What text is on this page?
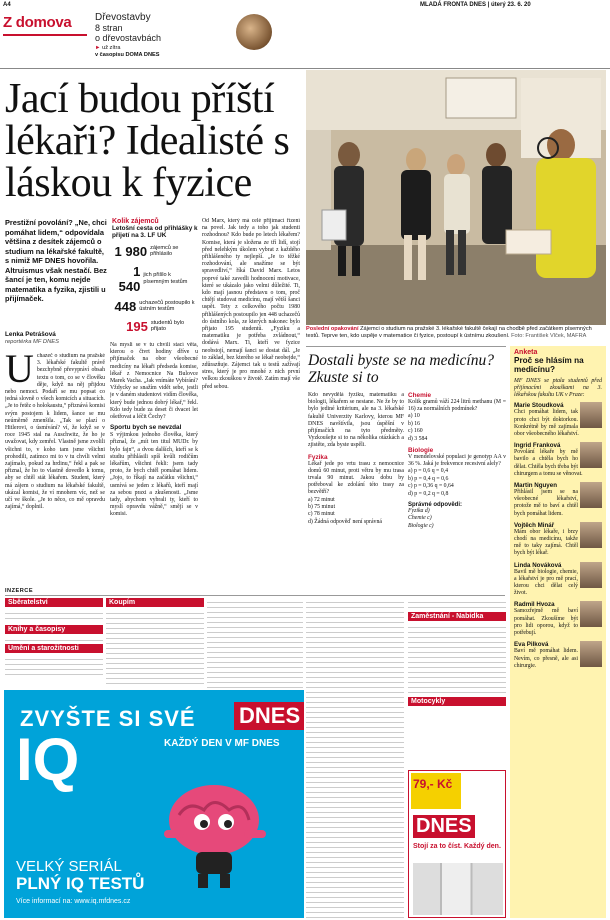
A4
Z domova Dřevostavby
8 stran
o dřevostavbách
► už zítra
v časopisu DOMA DNES
MLADÁ FRONTA DNES | úterý 23. 6. 20
Jací budou příští lékaři? Idealisté s láskou k fyzice
Prestižní povolání? „Ne, chci pomáhat lidem,“ odpovídala většina z desítek zájemců o studium na lékařské fakultě, s nimiž MF DNES hovořila. Altruismus však nestačí. Bez šancí je ten, komu nejde matematika a fyzika, zjistili u přijímaček.
Kolik zájemců
Letošní cesta od přihlášky k přijetí na 3. LF UK
1 980 zájemců se přihlásilo
1 540
jich přišlo k písemným testům
448 uchazečů postoupilo k ústním testům
195 studentů bylo přijato
Lenka Petrášová
reportérka MF DNES
U chazeč o studium na pražské 3. lékařské fakultě právě bezchybně převypráví obsah textu o tom, co se v člověku děje, když na něj přijdou nebo nemoci. Podaří se mu popsat co jedná slovně o všech komicích a situacích. „Je to řetěz o holokaustu,“ přiznává komisi svým postojem k lidem, šance se mu neúměrně zmenšila. „Tak se plazí o Hitlerovi, o úsmívání? ví, že když se v roce 1945 stal na Auschwitz, že ho je uvažovat, kdy zemřel. Vlastně jsme zvolili všichni to, v koho tam jsme všichni prohodili, zatímco mi to v tu chvíli velmi zajímalo, pokud za hrdinu,“ řekl a pak se přiznal, že ho to vlastně dovedlo k tomu, aby se chtěl stát lékařem. Student, který má zájem o studium na lékařské fakultě, ukázal komisi, že ví mnohem víc, než se učí ve škole. „Je to něco, co mě opravdu zajímá,“ doplnil.
Na mysli se v tu chvíli stací věta, kterou o čtvrt hodiny dříve u přijímaček na obor všeobecné medicíny na lékaři předseda komise, lékař z Nemocnice Na Bulovce Marek Vacha. „Jak vnímáte Vybírání? Vždycky se snažím vidět sebe, jestli je v daném studentovi vidím člověka, který bude jednou dobrý lékař,“ řekl. Kdo tedy bude za deset či dvacet let ošetřovat a léčit Čechy?
Sportu bych se nevzdal
S výjimkou jednoho člověka, který přiznal, že „mít ten titul MUDr. by bylo fajn“, a dvou dalších, kteří se k studiu přihlásili spíš kvůli rodičům lékařům, všichni řekli: jsem tady proto, že bych chtěl pomáhat lidem. „Jojo, to říkají na začátku všichni,“ usmívá se jeden z lékařů, kteří mají za sebou praxi a zkušenosti. „Jsme tady, abychom vybrali ty, kteří to myslí opravdu vážně,“ smějí se v komisi.
Od Marx, který má celé přijímací řízení na povel. Jak tedy a toho jak studenti rozhodnou? Kdo bude po letech lékařem? Komise, která je složena ze tří lidí, stojí před nelehkým úkolem vybrat z každého přihlášeného ty nejlepší. „Je to těžké rozhodování, ale snažíme se být spravedliví,“ říká David Marx. Letos poprvé také zavedli hodnocení motivace, které se ukázalo jako velmi důležité. Ti, kdo mají jasnou představu o tom, proč chtějí studovat medicínu, mají větší šanci uspět. Tety z celkového počtu 1980 přihlášených postoupilo jen 448 uchazečů do ústního kola, ze kterých nakonec bylo přijato 195 studentů. „Fyziku a matematiku je potřeba zvládnout,“ dodává Marx. Ti, kteří ve fyzice neobstojí, nemají šanci se dostat dál. „Je to základ, bez kterého se lékař neobejde,“ zdůrazňuje. Zájemci tak u testů zažívají stres, který je pro mnohé z nich první velkou zkouškou v životě. Zatím mají vše před sebou.
Poslední opakování Zájemci o studium na pražské 3. lékařské fakultě čekají na chodbě před začátkem písemných testů. Teprve ten, kdo uspěje v matematice či fyzice, postoupí k ústnímu zkoušení. Foto: František Vlček, MAFRA
Dostali byste se na medicínu? Zkuste si to
Kdo nevydělá fyziku, matematiku a biologii, lékařem se nestane. Ne že by to bylo jediné kritérium, ale na 3. lékařské fakultě Univerzity Karlovy, kterou MF DNES navštívila, jsou úspěšní v přijímačích na tyto předměty. Vyzkoušejte si to na několika otázkách a zjistěte, zda byste uspěli.
Fyzika
Lékař jede po vrtu trasu z nemocnice domů 60 minut, proti větru by mu trasa trvala 90 minut. Jakou dobu by potřeboval ke zdolání této trasy za bezvětří?
a) 72 minut
b) 75 minut
c) 78 minut
d) Žádná odpověď není správná
Chemie
Kolik gramů váží 224 litrů methanu (M = 16) za normálních podmínek?
a) 10
b) 16
c) 160
d) 3 584
Biologie
V mendelovské populaci je genotyp AA v 36 %. Jaká je frekvence recesivní alely?
a) p = 0,6 q = 0,4
b) p = 0,4 q = 0,6
c) p = 0,36 q = 0,64
d) p = 0,2 q = 0,8
Správné odpovědi:
Fyzika d)
Chemie c)
Biologie c)
Anketa
Proč se hlásím na medicínu?
MF DNES se ptala studentů před přijímacími zkouškami na 3. lékařskou fakultu UK v Praze:
Marie Stoudková
Chci pomáhat lidem, tak proto chci být doktorkou. Konkrétně by mě zajímala obor všeobecného lékařství.
Ingrid Franková
Povolání lékaře by mě bavilo a chtěla bych ho dělat. Chtěla bych třeba být chirurgem a tomu se věnovat.
Martin Nguyen
Přihlásil jsem se na všeobecné lékařství, protože mě to baví a chtěl bych pomáhat lidem.
Vojtěch Minář
Mám obor lékaře, i brzy chodí na medicínu, takže mě to taky zajímá. Chtěl bych být lékař.
Linda Nováková
Bavil mě biologie, chemie, a lékařství je pro mě prací, kterou chci dělat celý život.
Radmil Hvoza
Samozřejmě mě baví pomáhat. Zkoušíme být pro lidi oporou, když to potřebují.
Eva Pilková
Baví mě pomáhat lidem. Nevím, co přesně, ale asi chirurgie.
INZERCE
Sběratelství
Knihy a časopisy
Umění a starožitnosti
Koupím
Zaměstnání - Nabídka
Motocykly
79,- Kč
DNES
Stojí za to číst. Každý den.
ZVYŠTE SI SVÉ
IQ
DNES
KAŽDÝ DEN V MF DNES
VELKÝ SERIÁL
PLNÝ IQ TESTŮ
Více informací na: www.iq.mfdnes.cz
